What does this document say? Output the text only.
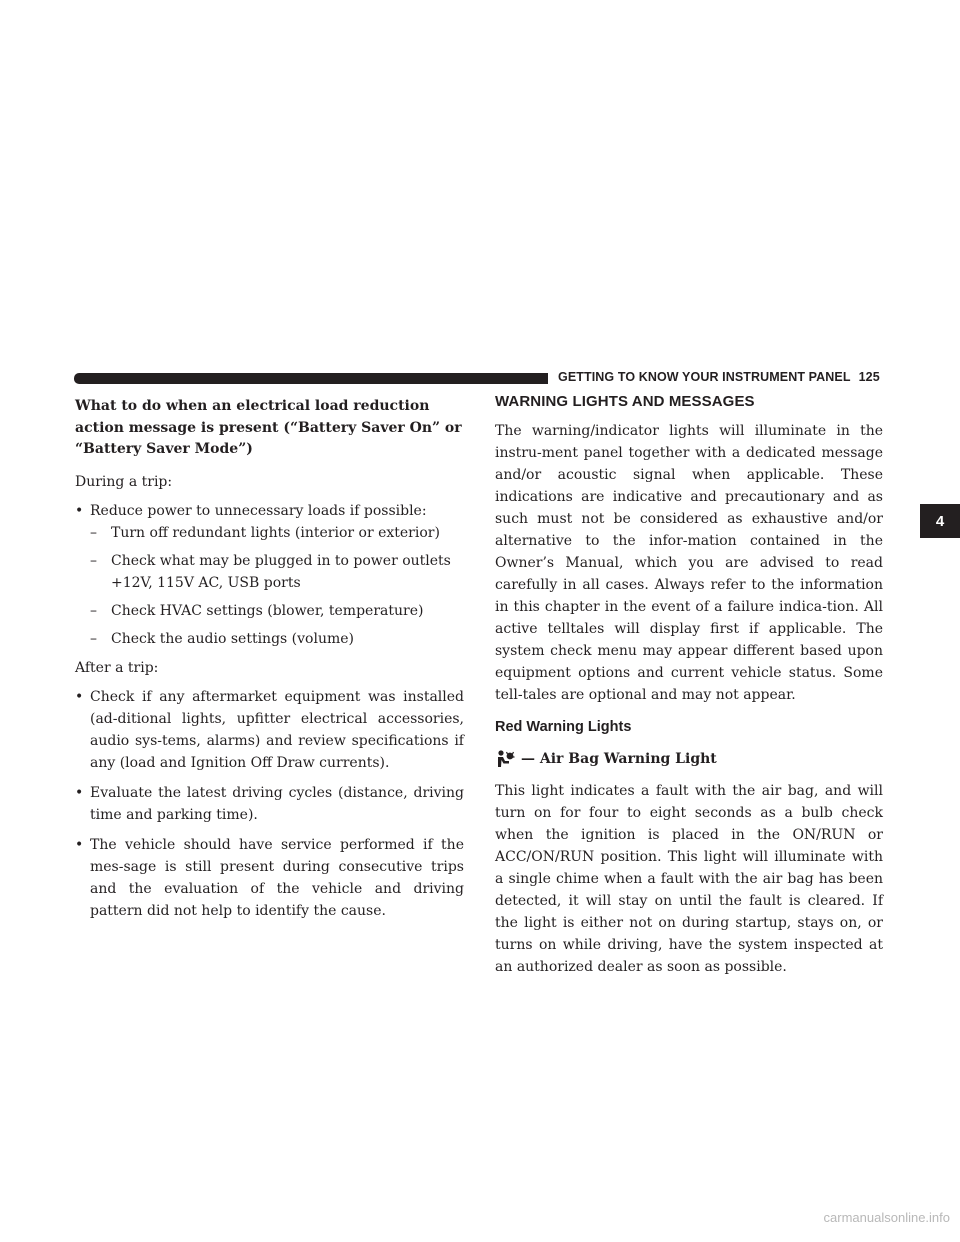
GETTING TO KNOW YOUR INSTRUMENT PANEL 125
4

What to do when an electrical load reduction action message is present (“Battery Saver On” or “Battery Saver Mode”)

During a trip:

• Reduce power to unnecessary loads if possible:
– Turn off redundant lights (interior or exterior)
– Check what may be plugged in to power outlets +12V, 115V AC, USB ports
– Check HVAC settings (blower, temperature)
– Check the audio settings (volume)

After a trip:

• Check if any aftermarket equipment was installed (ad-ditional lights, upfitter electrical accessories, audio sys-tems, alarms) and review specifications if any (load and Ignition Off Draw currents).
• Evaluate the latest driving cycles (distance, driving time and parking time).
• The vehicle should have service performed if the mes-sage is still present during consecutive trips and the evaluation of the vehicle and driving pattern did not help to identify the cause.

WARNING LIGHTS AND MESSAGES

The warning/indicator lights will illuminate in the instru-ment panel together with a dedicated message and/or acoustic signal when applicable. These indications are indicative and precautionary and as such must not be considered as exhaustive and/or alternative to the infor-mation contained in the Owner’s Manual, which you are advised to read carefully in all cases. Always refer to the information in this chapter in the event of a failure indica-tion. All active telltales will display first if applicable. The system check menu may appear different based upon equipment options and current vehicle status. Some tell-tales are optional and may not appear.

Red Warning Lights

— Air Bag Warning Light

This light indicates a fault with the air bag, and will turn on for four to eight seconds as a bulb check when the ignition is placed in the ON/RUN or ACC/ON/RUN position. This light will illuminate with a single chime when a fault with the air bag has been detected, it will stay on until the fault is cleared. If the light is either not on during startup, stays on, or turns on while driving, have the system inspected at an authorized dealer as soon as possible.

carmanualsonline.info
